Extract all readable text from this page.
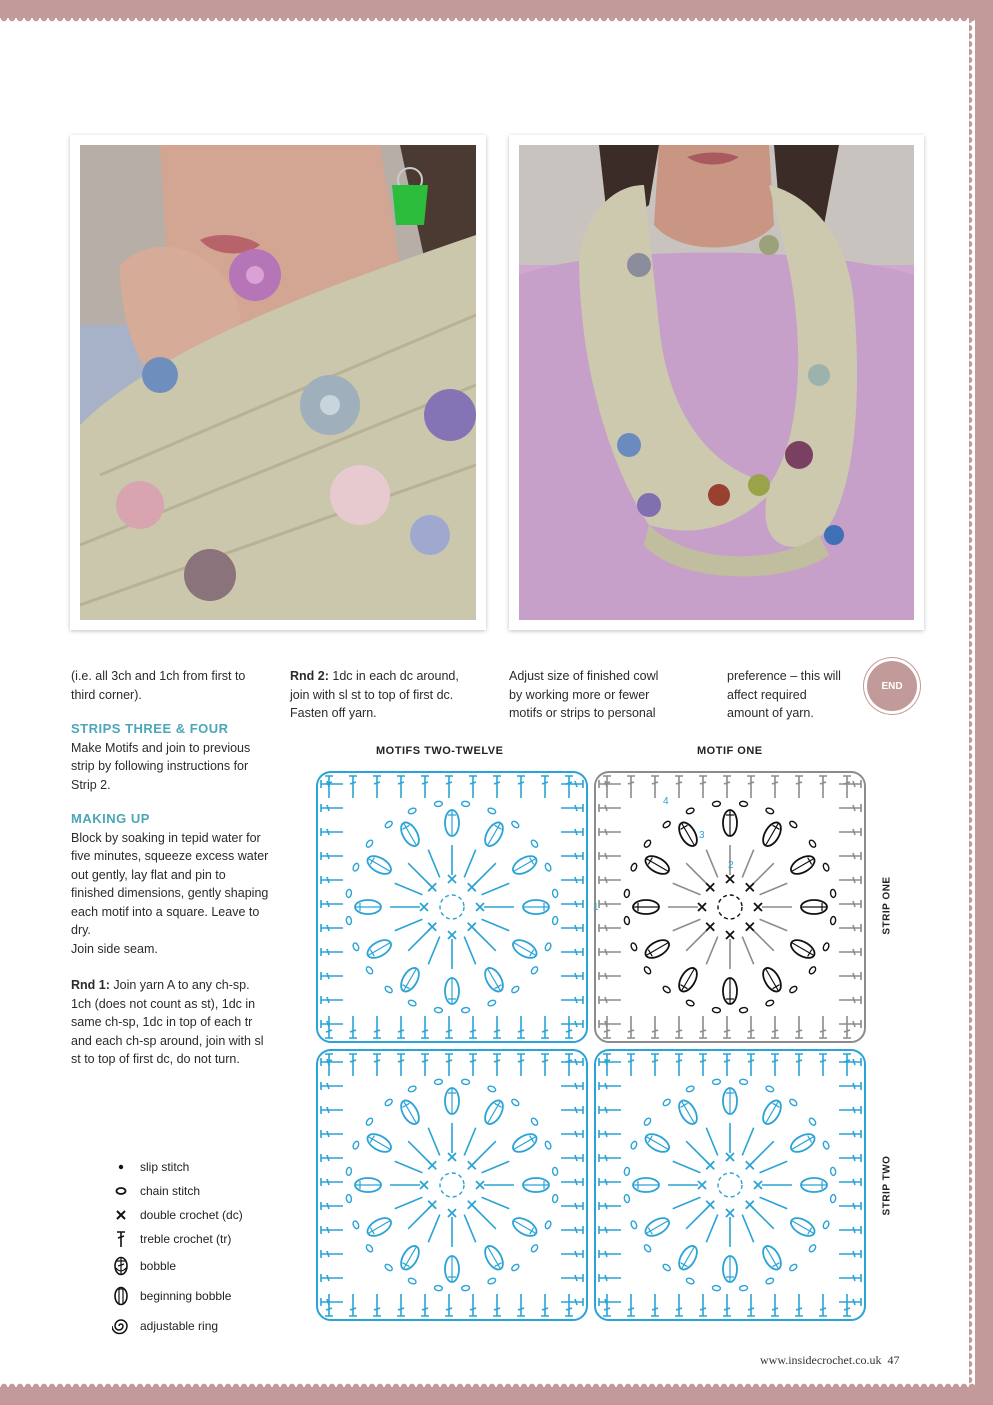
(i.e. all 3ch and 1ch from first to third corner).

STRIPS THREE & FOUR

Make Motifs and join to previous strip by following instructions for Strip 2.

MAKING UP

Block by soaking in tepid water for five minutes, squeeze excess water out gently, lay flat and pin to finished dimensions, gently shaping each motif into a square. Leave to dry.

Join side seam.

Rnd 1: Join yarn A to any ch-sp. 1ch (does not count as st), 1dc in same ch-sp, 1dc in top of each tr and each ch-sp around, join with sl st to top of first dc, do not turn.

Rnd 2: 1dc in each dc around, join with sl st to top of first dc. Fasten off yarn.

Adjust size of finished cowl by working more or fewer motifs or strips to personal

preference – this will affect required amount of yarn.

END
MOTIFS TWO-TWELVE	MOTIF ONE
STRIP ONE
STRIP TWO
1
2
3
4
slip stitch
chain stitch
double crochet (dc)
treble crochet (tr)
bobble
beginning bobble
adjustable ring
www.insidecrochet.co.uk 47
